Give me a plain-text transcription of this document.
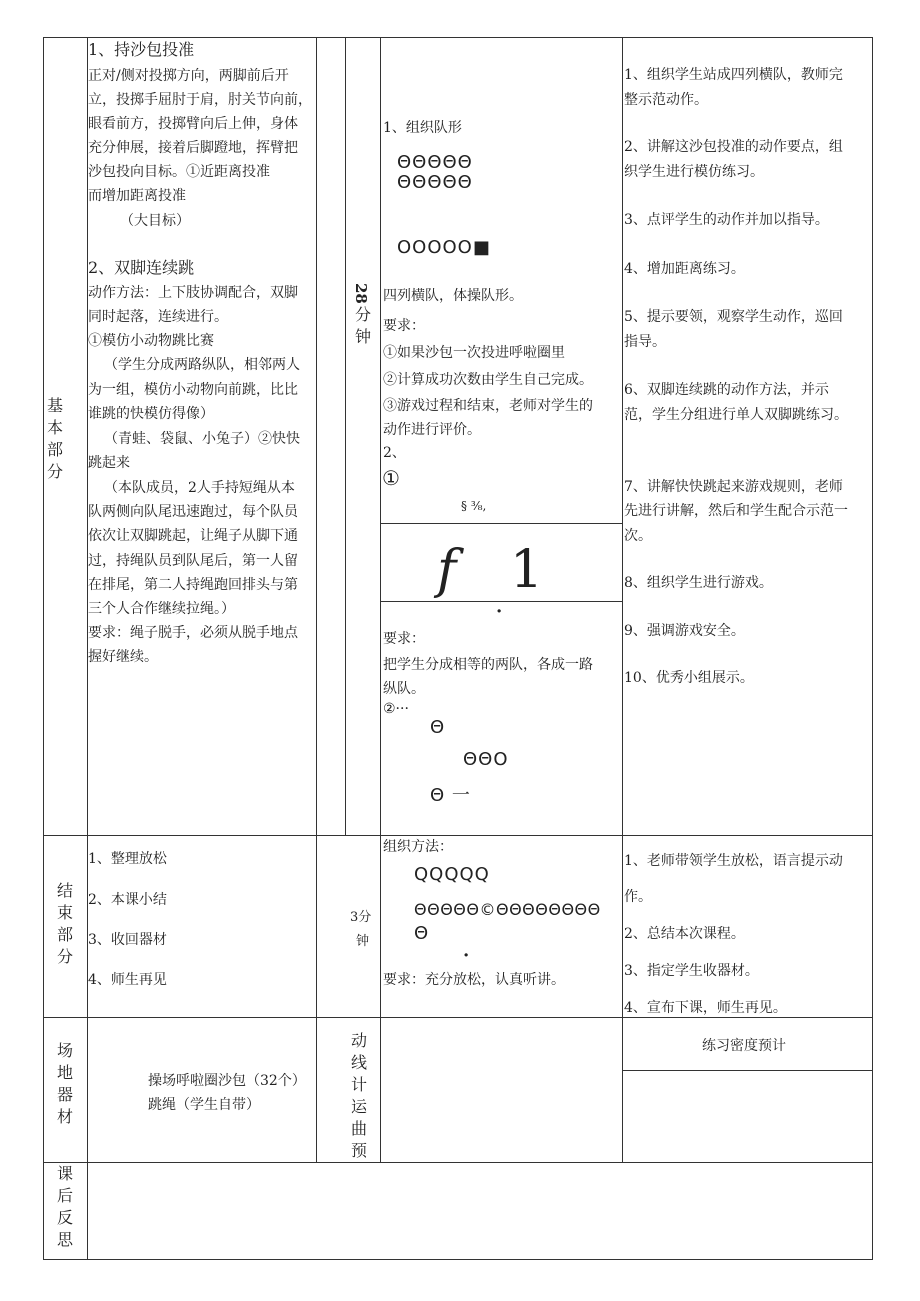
基本部分
28
分钟
1、持沙包投准
正对/侧对投掷方向，两脚前后开
立，投掷手屈肘于肩，肘关节向前，
眼看前方，投掷臂向后上伸，身体
充分伸展，接着后脚蹬地，挥臂把
沙包投向目标。①近距离投准
而增加距离投准
（大目标）
2、双脚连续跳
动作方法：上下肢协调配合，双脚
同时起落，连续进行。
①模仿小动物跳比赛
（学生分成两路纵队，相邻两人
为一组，模仿小动物向前跳，比比
谁跳的快模仿得像）
（青蛙、袋鼠、小兔子）②快快
跳起来
（本队成员，2人手持短绳从本
队两侧向队尾迅速跑过，每个队员
依次让双脚跳起，让绳子从脚下通
过，持绳队员到队尾后，第一人留
在排尾，第二人持绳跑回排头与第
三个人合作继续拉绳。）
要求：绳子脱手，必须从脱手地点
握好继续。
1、组织队形
ΘΘΘΘΘ
ΘΘΘΘΘ
OOOOO■
四列横队，体操队形。
要求：
①如果沙包一次投进呼啦圈里
②计算成功次数由学生自己完成。
③游戏过程和结束，老师对学生的
动作进行评价。
2、
①
§ ⅜,
f 1
·
要求：
把学生分成相等的两队，各成一路
纵队。
②···
Θ
ΘΘO
Θ 一
1、组织学生站成四列横队，教师完
整示范动作。
2、讲解这沙包投准的动作要点，组
织学生进行模仿练习。
3、点评学生的动作并加以指导。
4、增加距离练习。
5、提示要领，观察学生动作，巡回
指导。
6、双脚连续跳的动作方法，并示
范，学生分组进行单人双脚跳练习。
7、讲解快快跳起来游戏规则，老师
先进行讲解，然后和学生配合示范一
次。
8、组织学生进行游戏。
9、强调游戏安全。
10、优秀小组展示。
结束部分
1、整理放松
2、本课小结
3、收回器材
4、师生再见
3分
钟
组织方法：
QQQQQ
ΘΘΘΘΘ©ΘΘΘΘΘΘΘΘ
Θ
·
要求：充分放松，认真听讲。
1、老师带领学生放松，语言提示动
作。
2、总结本次课程。
3、指定学生收器材。
4、宣布下课，师生再见。
场地器材
操场呼啦圈沙包（32个）
跳绳（学生自带）
动线计运曲预
练习密度预计
课后反思
